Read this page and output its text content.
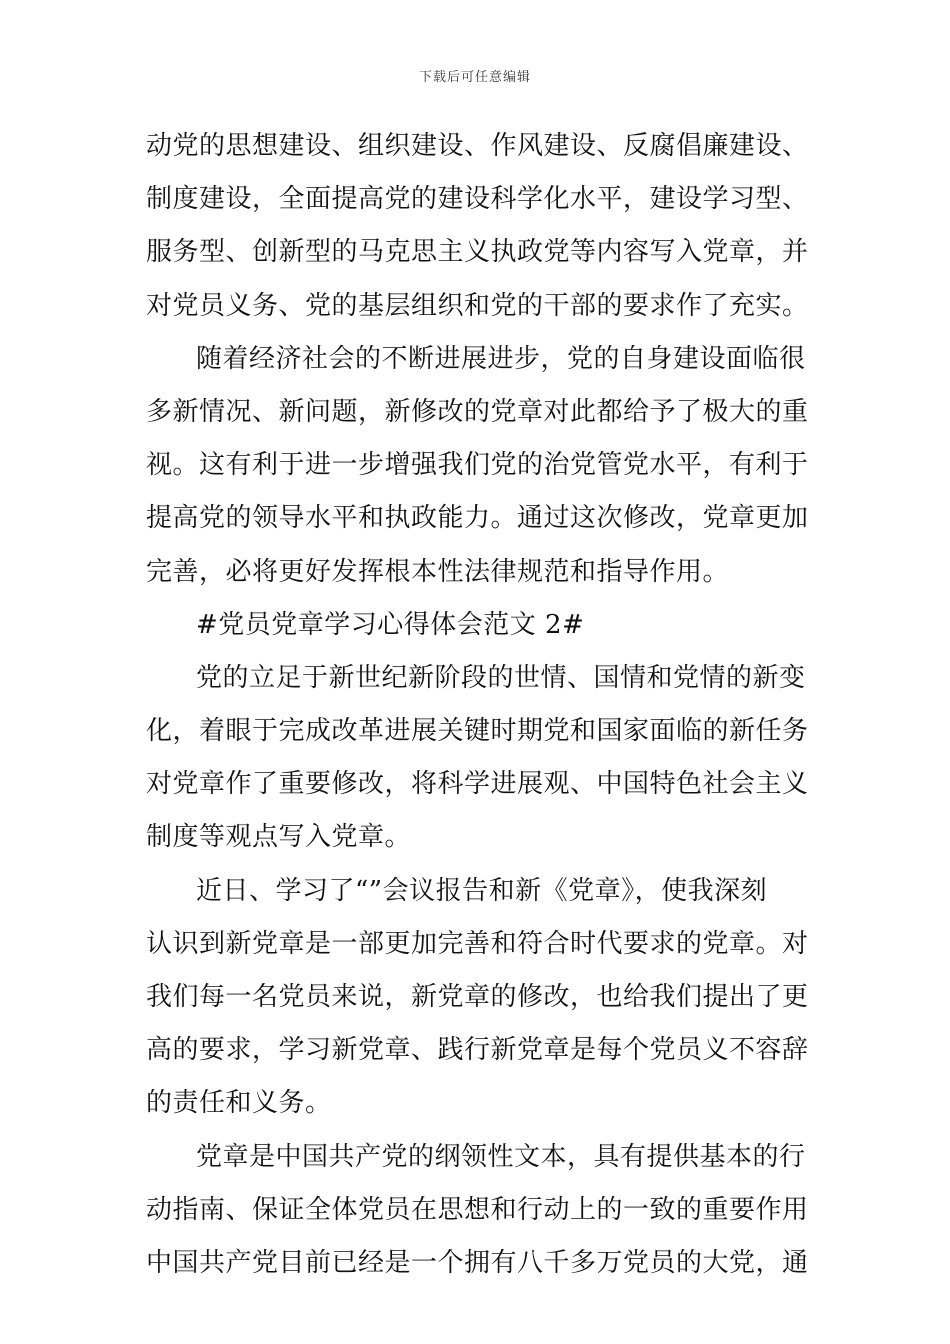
下载后可任意编辑
动党的思想建设、组织建设、作风建设、反腐倡廉建设、
制度建设，全面提高党的建设科学化水平，建设学习型、
服务型、创新型的马克思主义执政党等内容写入党章，并
对党员义务、党的基层组织和党的干部的要求作了充实。
随着经济社会的不断进展进步，党的自身建设面临很
多新情况、新问题，新修改的党章对此都给予了极大的重
视。这有利于进一步增强我们党的治党管党水平，有利于
提高党的领导水平和执政能力。通过这次修改，党章更加
完善，必将更好发挥根本性法律规范和指导作用。
#党员党章学习心得体会范文 2#
党的立足于新世纪新阶段的世情、国情和党情的新变
化，着眼于完成改革进展关键时期党和国家面临的新任务
对党章作了重要修改，将科学进展观、中国特色社会主义
制度等观点写入党章。
近日、学习了“”会议报告和新《党章》，使我深刻
认识到新党章是一部更加完善和符合时代要求的党章。对
我们每一名党员来说，新党章的修改，也给我们提出了更
高的要求，学习新党章、践行新党章是每个党员义不容辞
的责任和义务。
党章是中国共产党的纲领性文本，具有提供基本的行
动指南、保证全体党员在思想和行动上的一致的重要作用
中国共产党目前已经是一个拥有八千多万党员的大党，通
